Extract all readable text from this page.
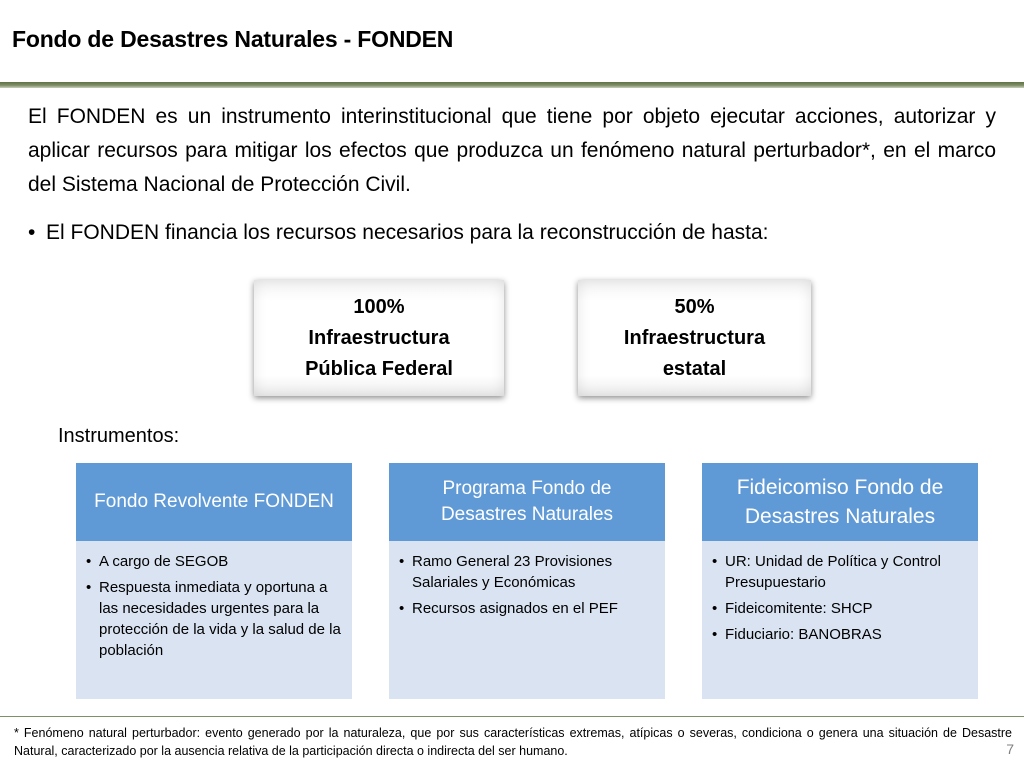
Fondo de Desastres Naturales - FONDEN
El FONDEN es un instrumento interinstitucional que tiene por objeto ejecutar acciones, autorizar y aplicar recursos para mitigar los efectos que produzca un fenómeno natural perturbador*, en el marco del Sistema Nacional de Protección Civil.
• El FONDEN financia los recursos necesarios para la reconstrucción de hasta:
100%
Infraestructura
Pública Federal
50%
Infraestructura
estatal
Instrumentos:
Fondo Revolvente FONDEN
• A cargo de SEGOB
• Respuesta inmediata y oportuna a las necesidades urgentes para la protección de la vida y la salud de la población
Programa Fondo de Desastres Naturales
• Ramo General 23 Provisiones Salariales y Económicas
• Recursos asignados en el PEF
Fideicomiso Fondo de Desastres Naturales
• UR: Unidad de Política y Control Presupuestario
• Fideicomitente: SHCP
• Fiduciario: BANOBRAS
* Fenómeno natural perturbador: evento generado por la naturaleza, que por sus características extremas, atípicas o severas, condiciona o genera una situación de Desastre Natural, caracterizado por la ausencia relativa de la participación directa o indirecta del ser humano.	7
